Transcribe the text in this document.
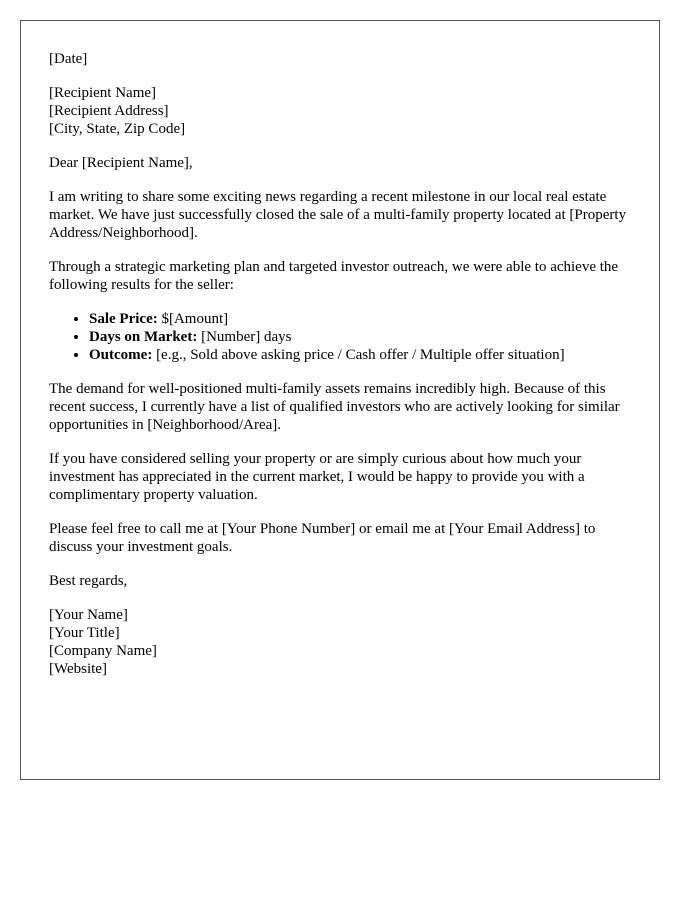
[Date]

[Recipient Name]
[Recipient Address]
[City, State, Zip Code]

Dear [Recipient Name],

I am writing to share some exciting news regarding a recent milestone in our local real estate market. We have just successfully closed the sale of a multi-family property located at [Property Address/Neighborhood].

Through a strategic marketing plan and targeted investor outreach, we were able to achieve the following results for the seller:

• Sale Price: $[Amount]
• Days on Market: [Number] days
• Outcome: [e.g., Sold above asking price / Cash offer / Multiple offer situation]

The demand for well-positioned multi-family assets remains incredibly high. Because of this recent success, I currently have a list of qualified investors who are actively looking for similar opportunities in [Neighborhood/Area].

If you have considered selling your property or are simply curious about how much your investment has appreciated in the current market, I would be happy to provide you with a complimentary property valuation.

Please feel free to call me at [Your Phone Number] or email me at [Your Email Address] to discuss your investment goals.

Best regards,

[Your Name]
[Your Title]
[Company Name]
[Website]
